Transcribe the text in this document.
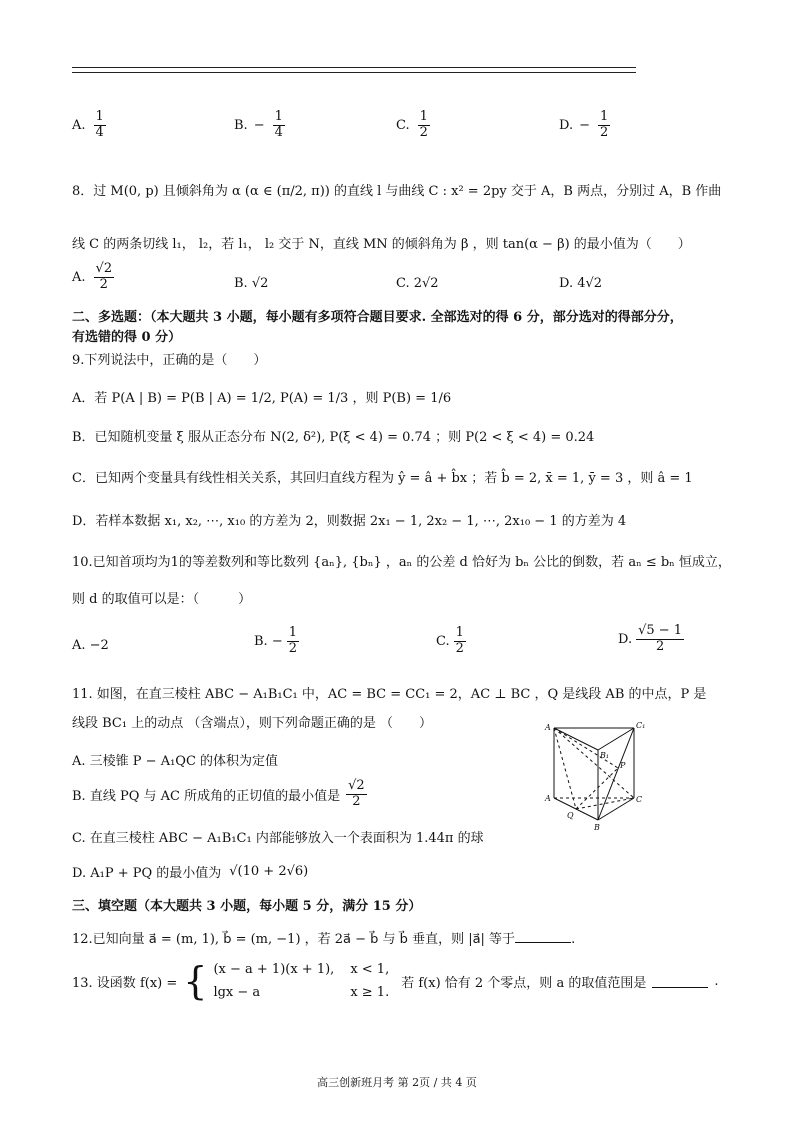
A. $\frac{1}{4}$	B. − $\frac{1}{4}$	C. $\frac{1}{2}$	D. − $\frac{1}{2}$
8．过 M(0, p) 且倾斜角为 α (α ∈ (π/2, π)) 的直线 l 与曲线 C : x² = 2py 交于 A，B 两点，分别过 A，B 作曲
线 C 的两条切线 l₁， l₂，若 l₁， l₂ 交于 N，直线 MN 的倾斜角为 β ，则 tan(α − β) 的最小值为（　　）
A. $\frac{√2}{2}$	B. √2	C. 2√2	D. 4√2
二、多选题：（本大题共 3 小题，每小题有多项符合题目要求. 全部选对的得 6 分，部分选对的得部分分，
有选错的得 0 分）
9.下列说法中，正确的是（　　）
A．若 P(A | B) = P(B | A) = 1/2, P(A) = 1/3 ，则 P(B) = 1/6
B．已知随机变量 ξ 服从正态分布 N(2, δ²), P(ξ < 4) = 0.74 ；则 P(2 < ξ < 4) = 0.24
C．已知两个变量具有线性相关关系，其回归直线方程为 ŷ = â + b̂x ；若 b̂ = 2, x̄ = 1, ȳ = 3 ，则 â = 1
D．若样本数据 x₁, x₂, ⋯, x₁₀ 的方差为 2，则数据 2x₁ − 1, 2x₂ − 1, ⋯, 2x₁₀ − 1 的方差为 4
10.已知首项均为1的等差数列和等比数列 {aₙ}, {bₙ} ，aₙ 的公差 d 恰好为 bₙ 公比的倒数，若 aₙ ≤ bₙ 恒成立，
则 d 的取值可以是：（　　　）
A. −2	B. − $\frac{1}{2}$	C. $\frac{1}{2}$	D. $\frac{√5 - 1}{2}$
11. 如图，在直三棱柱 ABC − A₁B₁C₁ 中，AC = BC = CC₁ = 2，AC ⊥ BC ，Q 是线段 AB 的中点，P 是
线段 BC₁ 上的动点 （含端点），则下列命题正确的是 （　　）
A. 三棱锥 P − A₁QC 的体积为定值
B. 直线 PQ 与 AC 所成角的正切值的最小值是 $\frac{√2}{2}$
C. 在直三棱柱 ABC − A₁B₁C₁ 内部能够放入一个表面积为 1.44π 的球
D. A₁P + PQ 的最小值为 √(10 + 2√6)
A	C₁
B₁
P
A	C
Q
B
三、填空题（本大题共 3 小题，每小题 5 分，满分 15 分）
12.已知向量 a⃗ = (m, 1), b⃗ = (m, −1) ，若 2a⃗ − b⃗ 与 b⃗ 垂直，则 |a⃗| 等于	.
13. 设函数 f(x) = { (x − a + 1)(x + 1), x < 1,
lgx − a	x ≥ 1.
若 f(x) 恰有 2 个零点，则 a 的取值范围是	.
高三创新班月考 第 2页 / 共 4 页
